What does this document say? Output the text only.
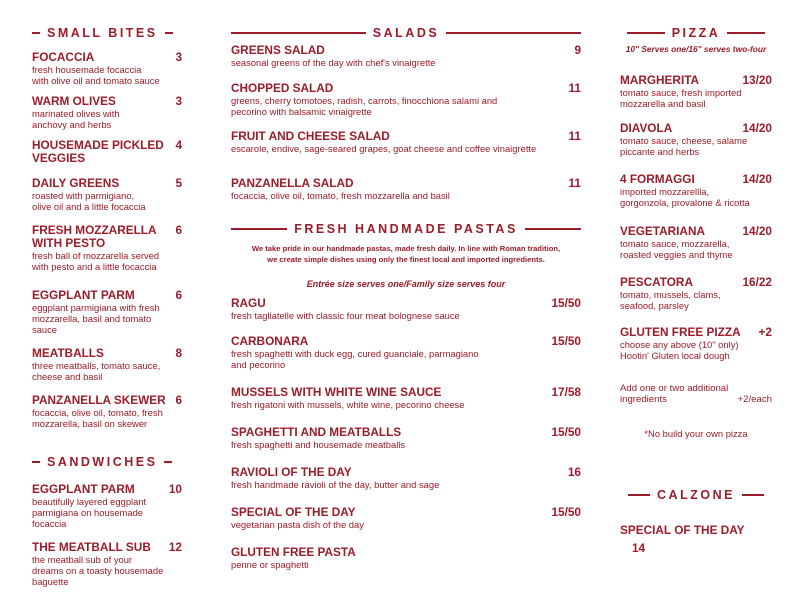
SMALL BITES
FOCACCIA	3
fresh housemade focaccia
with olive oil and tomato sauce
WARM OLIVES	3
marinated olives with
anchovy and herbs
HOUSEMADE PICKLED
VEGGIES
4
DAILY GREENS	5
roasted with parmigiano,
olive oil and a little focaccia
FRESH MOZZARELLA
WITH PESTO
6
fresh ball of mozzarella served
with pesto and a little focaccia
EGGPLANT PARM	6
eggplant parmigiana with fresh
mozzarella, basil and tomato
sauce
MEATBALLS	8
three meatballs, tomato sauce,
cheese and basil
PANZANELLA SKEWER 6
focaccia, olive oil, tomato, fresh
mozzarella, basil on skewer
SANDWICHES
EGGPLANT PARM	10
beautifully layered eggplant
parmigiana on housemade
focaccia
THE MEATBALL SUB	12
the meatball sub of your
dreams on a toasty housemade
baguette
SALADS
GREENS SALAD	9
seasonal greens of the day with chef's vinaigrette
CHOPPED SALAD	11
greens, cherry tomotoes, radish, carrots, finocchiona salami and
pecorino with balsamic vinaigrette
FRUIT AND CHEESE SALAD	11
escarole, endive, sage-seared grapes, goat cheese and coffee vinaigrette
PANZANELLA SALAD	11
focaccia, olive oil, tomato, fresh mozzarella and basil
FRESH HANDMADE PASTAS
We take pride in our handmade pastas, made fresh daily. In line with Roman tradition,
we create simple dishes using only the finest local and imported ingredients.
Entrée size serves one/Family size serves four
RAGU	15/50
fresh tagliatelle with classic four meat bolognese sauce
CARBONARA	15/50
fresh spaghetti with duck egg, cured guanciale, parmagiano
and pecorino
MUSSELS WITH WHITE WINE SAUCE	17/58
fresh rigatoni with mussels, white wine, pecorino cheese
SPAGHETTI AND MEATBALLS	15/50
fresh spaghetti and housemade meatballs
RAVIOLI OF THE DAY	16
fresh handmade ravioli of the day, butter and sage
SPECIAL OF THE DAY	15/50
vegetarian pasta dish of the day
GLUTEN FREE PASTA
penne or spaghetti
PIZZA
10" Serves one/16" serves two-four
MARGHERITA	13/20
tomato sauce, fresh imported
mozzarella and basil
DIAVOLA	14/20
tomato sauce, cheese, salame
piccante and herbs
4 FORMAGGI	14/20
imported mozzarellla,
gorgonzola, provalone & ricotta
VEGETARIANA	14/20
tomato sauce, mozzarella,
roasted veggies and thyme
PESCATORA	16/22
tomato, mussels, clams,
seafood, parsley
GLUTEN FREE PIZZA	+2
choose any above (10" only)
Hootin' Gluten local dough
Add one or two additional
ingredients	+2/each
*No build your own pizza
CALZONE
SPECIAL OF THE DAY 14
